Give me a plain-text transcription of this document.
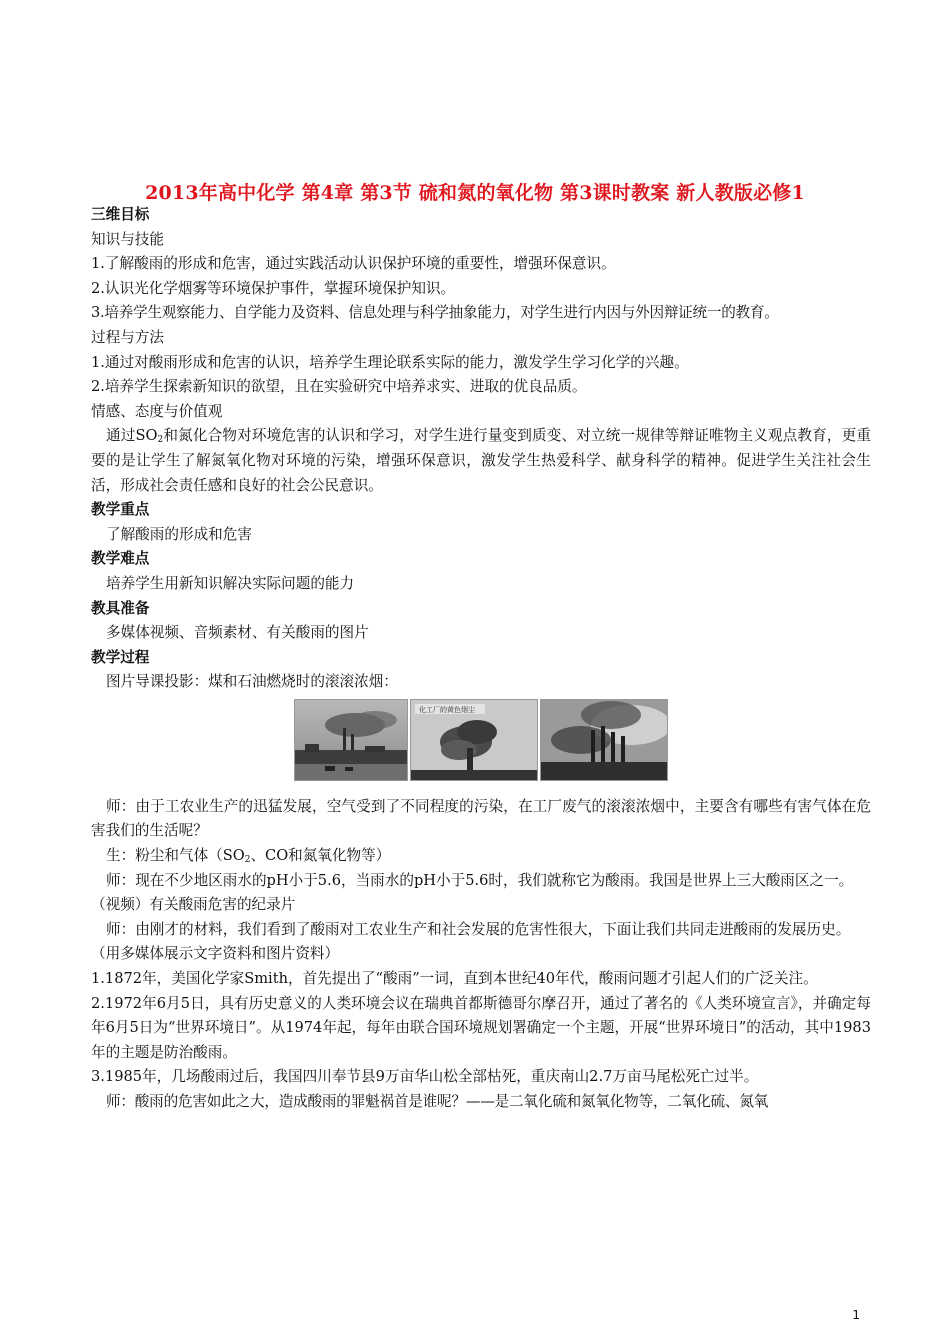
2013年高中化学 第4章 第3节 硫和氮的氧化物 第3课时教案 新人教版必修1

三维目标

知识与技能

1.了解酸雨的形成和危害，通过实践活动认识保护环境的重要性，增强环保意识。

2.认识光化学烟雾等环境保护事件，掌握环境保护知识。

3.培养学生观察能力、自学能力及资料、信息处理与科学抽象能力，对学生进行内因与外因辩证统一的教育。

过程与方法

1.通过对酸雨形成和危害的认识，培养学生理论联系实际的能力，激发学生学习化学的兴趣。

2.培养学生探索新知识的欲望，且在实验研究中培养求实、进取的优良品质。

情感、态度与价值观

通过$SO_2$和氮化合物对环境危害的认识和学习，对学生进行量变到质变、对立统一规律等辩证唯物主义观点教育，更重要的是让学生了解氮氧化物对环境的污染，增强环保意识，激发学生热爱科学、献身科学的精神。促进学生关注社会生活，形成社会责任感和良好的社会公民意识。

教学重点

了解酸雨的形成和危害

教学难点

培养学生用新知识解决实际问题的能力

教具准备

多媒体视频、音频素材、有关酸雨的图片

教学过程

图片导课投影：煤和石油燃烧时的滚滚浓烟：

化工厂的黄色烟尘

师：由于工农业生产的迅猛发展，空气受到了不同程度的污染，在工厂废气的滚滚浓烟中，主要含有哪些有害气体在危害我们的生活呢？

生：粉尘和气体（$SO_2$、CO和氮氧化物等）

师：现在不少地区雨水的pH小于5.6，当雨水的pH小于5.6时，我们就称它为酸雨。我国是世界上三大酸雨区之一。

（视频）有关酸雨危害的纪录片

师：由刚才的材料，我们看到了酸雨对工农业生产和社会发展的危害性很大，下面让我们共同走进酸雨的发展历史。

（用多媒体展示文字资料和图片资料）

1.1872年，美国化学家Smith，首先提出了“酸雨”一词，直到本世纪40年代，酸雨问题才引起人们的广泛关注。

2.1972年6月5日，具有历史意义的人类环境会议在瑞典首都斯德哥尔摩召开，通过了著名的《人类环境宣言》，并确定每年6月5日为“世界环境日”。从1974年起，每年由联合国环境规划署确定一个主题，开展“世界环境日”的活动，其中1983年的主题是防治酸雨。

3.1985年，几场酸雨过后，我国四川奉节县9万亩华山松全部枯死，重庆南山2.7万亩马尾松死亡过半。

师：酸雨的危害如此之大，造成酸雨的罪魁祸首是谁呢？——是二氧化硫和氮氧化物等，二氧化硫、氮氧

1
